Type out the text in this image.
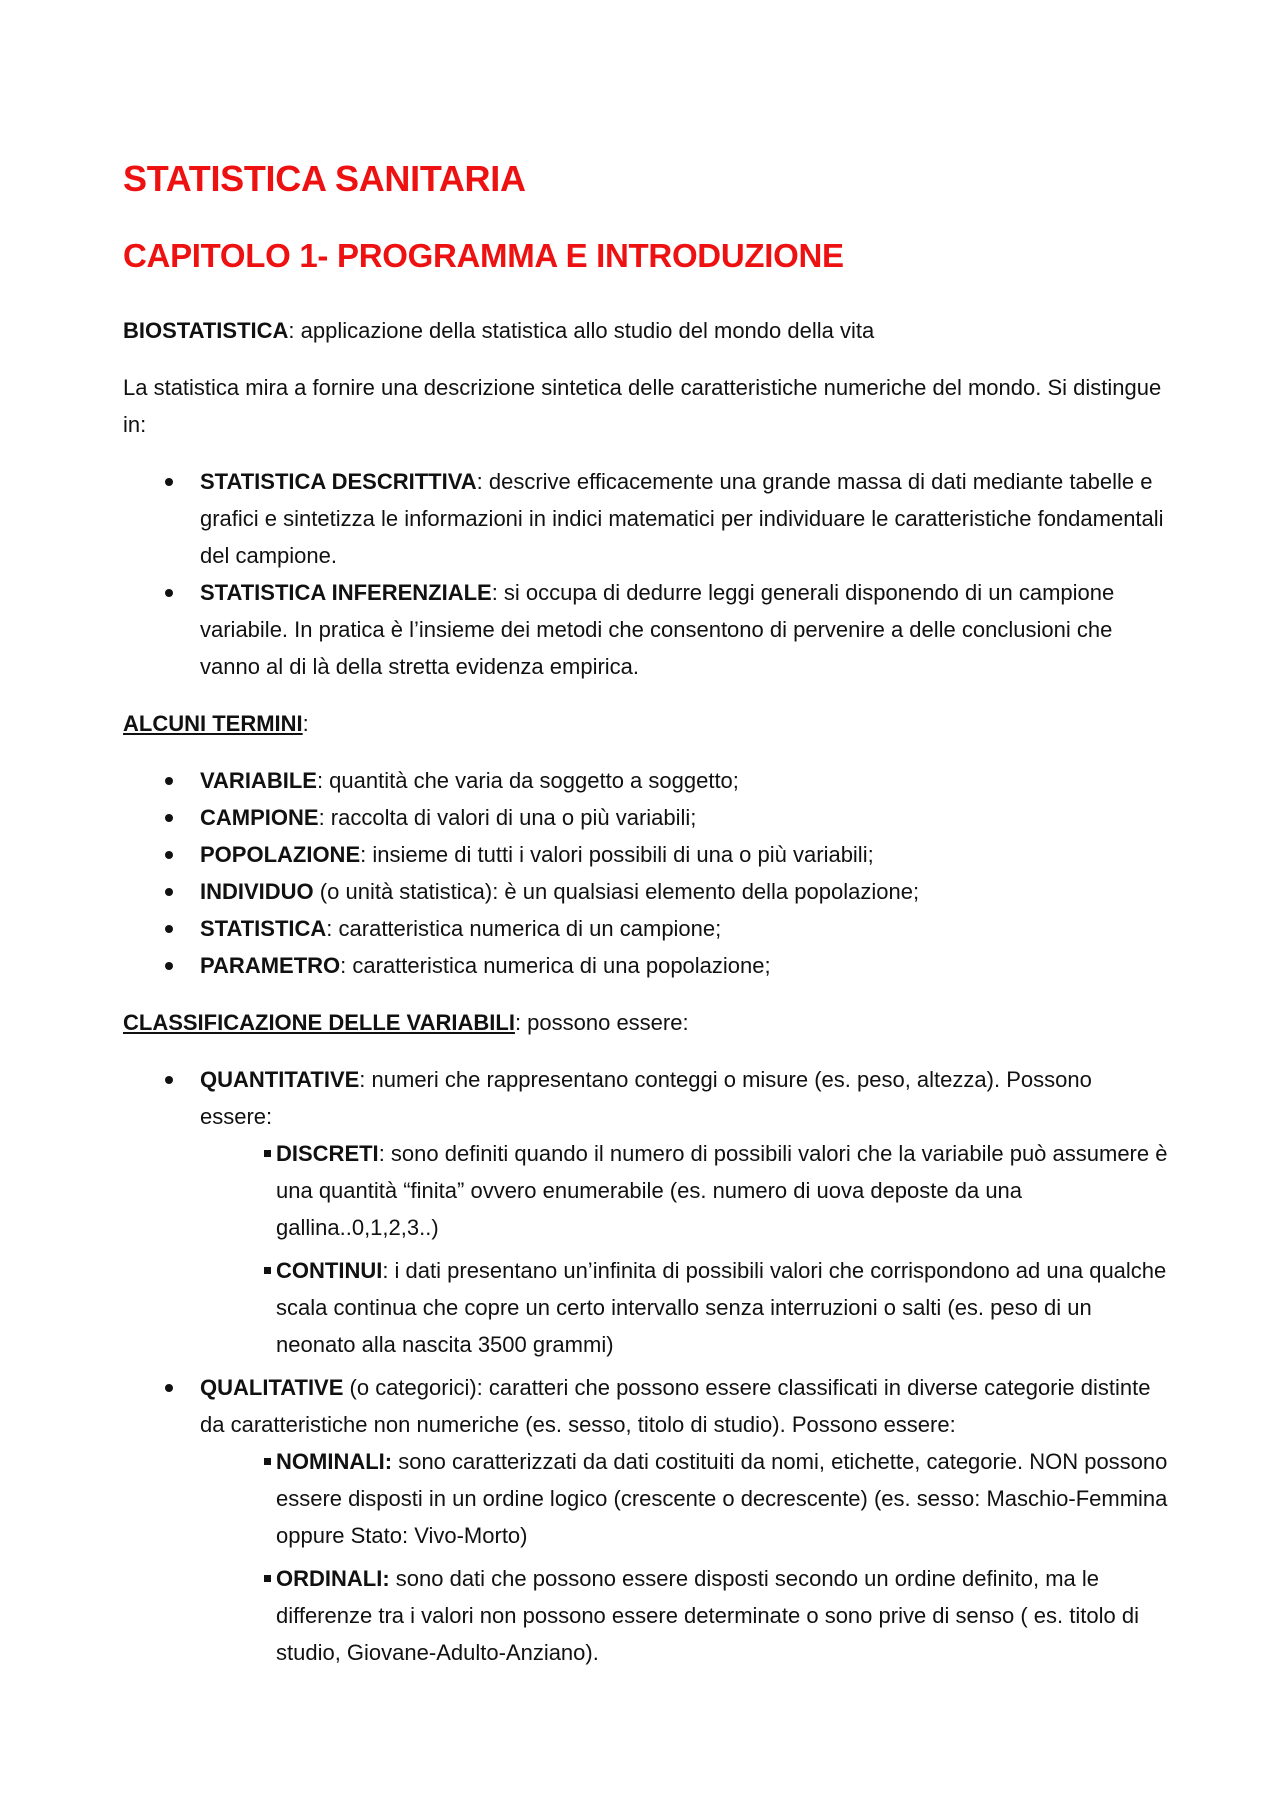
STATISTICA SANITARIA
CAPITOLO 1- PROGRAMMA E INTRODUZIONE

BIOSTATISTICA: applicazione della statistica allo studio del mondo della vita

La statistica mira a fornire una descrizione sintetica delle caratteristiche numeriche del mondo. Si distingue in:

STATISTICA DESCRITTIVA: descrive efficacemente una grande massa di dati mediante tabelle e grafici e sintetizza le informazioni in indici matematici per individuare le caratteristiche fondamentali del campione.
STATISTICA INFERENZIALE: si occupa di dedurre leggi generali disponendo di un campione variabile. In pratica è l’insieme dei metodi che consentono di pervenire a delle conclusioni che vanno al di là della stretta evidenza empirica.

ALCUNI TERMINI:

VARIABILE: quantità che varia da soggetto a soggetto;
CAMPIONE: raccolta di valori di una o più variabili;
POPOLAZIONE: insieme di tutti i valori possibili di una o più variabili;
INDIVIDUO (o unità statistica): è un qualsiasi elemento della popolazione;
STATISTICA: caratteristica numerica di un campione;
PARAMETRO: caratteristica numerica di una popolazione;

CLASSIFICAZIONE DELLE VARIABILI: possono essere:

QUANTITATIVE: numeri che rappresentano conteggi o misure (es. peso, altezza). Possono essere:
DISCRETI: sono definiti quando il numero di possibili valori che la variabile può assumere è una quantità “finita” ovvero enumerabile (es. numero di uova deposte da una gallina..0,1,2,3..)
CONTINUI: i dati presentano un’infinita di possibili valori che corrispondono ad una qualche scala continua che copre un certo intervallo senza interruzioni o salti (es. peso di un neonato alla nascita 3500 grammi)
QUALITATIVE (o categorici): caratteri che possono essere classificati in diverse categorie distinte da caratteristiche non numeriche (es. sesso, titolo di studio). Possono essere:
NOMINALI: sono caratterizzati da dati costituiti da nomi, etichette, categorie. NON possono essere disposti in un ordine logico (crescente o decrescente) (es. sesso: Maschio-Femmina oppure Stato: Vivo-Morto)
ORDINALI: sono dati che possono essere disposti secondo un ordine definito, ma le differenze tra i valori non possono essere determinate o sono prive di senso ( es. titolo di studio, Giovane-Adulto-Anziano).
